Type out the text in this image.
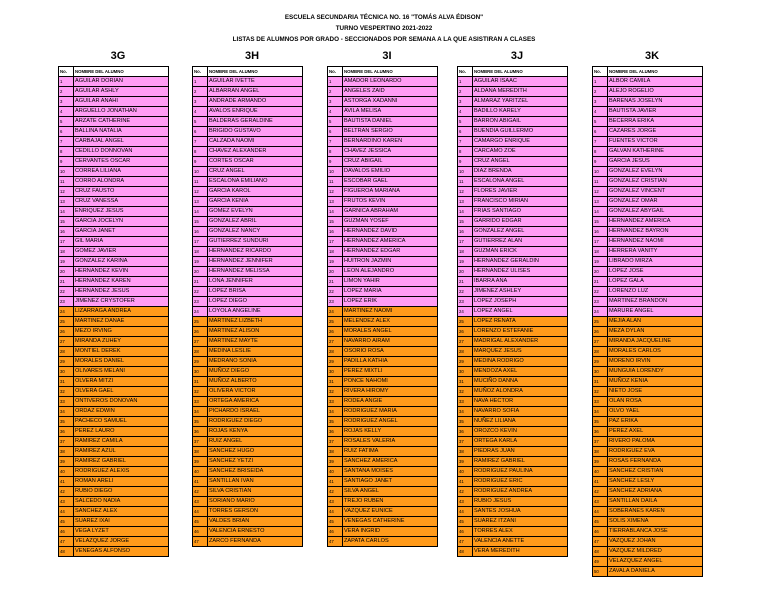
ESCUELA SECUNDARIA TÉCNICA NO. 16 "TOMÁS ALVA ÉDISON"
TURNO VESPERTINO 2021-2022
LISTAS DE ALUMNOS POR GRADO - SECCIONADOS POR SEMANA A LA QUE ASISTIRAN A CLASES
3G
No.	NOMBRE DEL ALUMNO
1	AGUILAR DORIAN
2	AGUILAR ASHLY
3	AGUILAR ANAHI
4	ARGUELLO JONATHAN
5	ARZATE CATHERINE
6	BALLINA NATALIA
7	CARBAJAL ANGEL
8	CEDILLO DONNOVAN
9	CERVANTES OSCAR
10	CORREA LILIANA
11	CORRO ALONDRA
12	CRUZ FAUSTO
13	CRUZ VANESSA
14	ENRIQUEZ JESUS
15	GARCIA JOCELYN
16	GARCIA JANET
17	GIL MARIA
18	GOMEZ JAVIER
19	GONZALEZ KARINA
20	HERNANDEZ KEVIN
21	HERNANDEZ KAREN
22	HERNANDEZ JESUS
23	JIMENEZ CRYSTOFER
24	LIZARRAGA ANDREA
25	MARTINEZ DANAE
26	MEZO IRVING
27	MIRANDA ZUHEY
28	MONTIEL DEREK
29	MORALES DANIEL
30	OLIVARES MELANI
31	OLVERA MITZI
32	OLVERA GAEL
33	ONTIVEROS DONOVAN
34	ORDAZ EDWIN
35	PACHECO SAMUEL
36	PEREZ LAURO
37	RAMIREZ CAMILA
38	RAMIREZ AZUL
39	RAMIREZ GABRIEL
40	RODRIGUEZ ALEXIS
41	ROMAN ARELI
42	RUBIO DIEGO
43	SALCEDO NADIA
44	SANCHEZ ALEX
45	SUAREZ IXAI
46	VEGA LYZET
47	VELAZQUEZ JORGE
48	VENEGAS ALFONSO
3H
No.	NOMBRE DEL ALUMNO
1	AGUILAR IVETTE
2	ALBARRAN ANGEL
3	ANDRADE ARMANDO
4	AVALOS ENRIQUE
5	BALDERAS GERALDINE
6	BRIGIDO GUSTAVO
7	CALZADA NAOMI
8	CHAVEZ ALEXANDER
9	CORTES OSCAR
10	CRUZ ANGEL
11	ESCALONA EMILIANO
12	GARCIA KAROL
13	GARCIA KENIA
14	GOMEZ EVELYN
15	GONZALEZ ABRIL
16	GONZALEZ NANCY
17	GUTIERREZ SUNDURI
18	HERNANDEZ RICARDO
19	HERNANDEZ JENNIFER
20	HERNANDEZ MELISSA
21	LONA JENNIFER
22	LOPEZ BRISA
23	LOPEZ DIEGO
24	LOYOLA ANGELINE
25	MARTINEZ LIZBETH
26	MARTINEZ ALISON
27	MARTINEZ MAYTE
28	MEDINA LESLIE
29	MEDRANO SONIA
30	MUÑOZ DIEGO
31	MUÑOZ ALBERTO
32	OLIVERA VICTOR
33	ORTEGA AMERICA
34	PICHARDO ISRAEL
35	RODRIGUEZ DIEGO
36	ROJAS KENYA
37	RUIZ ANGEL
38	SANCHEZ HUGO
39	SANCHEZ YETZI
40	SANCHEZ BRISEIDA
41	SANTILLAN IVAN
42	SILVA CRISTIAN
43	SORIANO MARIO
44	TORRES GERSON
45	VALDES BRIAN
46	VALENCIA ERNESTO
47	ZARCO FERNANDA
3I
No.	NOMBRE DEL ALUMNO
1	AMADOR LEONARDO
2	ANGELES ZAID
3	ASTORGA XADANNI
4	AVILA MELISA
5	BAUTISTA DANIEL
6	BELTRAN SERGIO
7	BERNARDINO KAREN
8	CHAVEZ JESSICA
9	CRUZ ABIGAIL
10	DAVALOS EMILIO
11	ESCOBAR GAEL
12	FIGUEROA MARIANA
13	FRUTOS KEVIN
14	GARNICA ABRAHAM
15	GUZMAN YOSEF
16	HERNANDEZ DAVID
17	HERNANDEZ AMERICA
18	HERNANDEZ EDGAR
19	HUITRON JAZMIN
20	LEON ALEJANDRO
21	LIMON YAHIR
22	LOPEZ MARIA
23	LOPEZ ERIK
24	MARTINEZ NAOMI
25	MELENDEZ ALEX
26	MORALES ANGEL
27	NAVARRO AIRAM
28	OSORIO ROSA
29	PADILLA KATHIA
30	PEREZ MIXTLI
31	PONCE NAHOMI
32	RIVERA HIROMY
33	RODEA ANGIE
34	RODRIGUEZ MARIA
35	RODRIGUEZ ANGEL
36	ROJAS KELLY
37	ROSALES VALERIA
38	RUIZ FATIMA
39	SANCHEZ AMERICA
40	SANTANA MOISES
41	SANTIAGO JANET
42	SILVA ANGEL
43	TREJO RUBEN
44	VAZQUEZ EUNICE
45	VENEGAS CATHERINE
46	VERA INGRID
47	ZAPATA CARLOS
3J
No.	NOMBRE DEL ALUMNO
1	AGUILAR ISAAC
2	ALDANA MEREDITH
3	ALMARAZ YARITZEL
4	BADILLO KARELY
5	BARRON ABIGAIL
6	BUENDIA GUILLERMO
7	CAMARGO ENRIQUE
8	CARCAMO ZOE
9	CRUZ ANGEL
10	DIAZ BRENDA
11	ESCALONA ANGEL
12	FLORES JAVIER
13	FRANCISCO MIRIAN
14	FRIAS SANTIAGO
15	GARRIDO EDGAR
16	GONZALEZ ANGEL
17	GUTIERREZ ALAN
18	GUZMAN ERICK
19	HERNANDEZ GERALDIN
20	HERNANDEZ ULISES
21	IBARRA ANA
22	JIMENEZ ASHLEY
23	LOPEZ JOSEPH
24	LOPEZ ANGEL
25	LOPEZ RENATA
26	LORENZO ESTEFANIE
27	MADRIGAL ALEXANDER
28	MARQUEZ JESUS
29	MEDINA RODRIGO
30	MENDOZA AXEL
31	MUCIÑO DANNA
32	MUÑOZ ALONDRA
33	NAVA HECTOR
34	NAVARRO SOFIA
35	NUÑEZ LILIANA
36	OROZCO KEVIN
37	ORTEGA KARLA
38	PIEDRAS JUAN
39	RAMIREZ GABRIEL
40	RODRIGUEZ PAULINA
41	RODRIGUEZ ERIC
42	RODRIGUEZ ANDREA
43	RUBIO JESUS
44	SANTES JOSHUA
45	SUAREZ ITZANI
46	TORRES ALEX
47	VALENCIA ANETTE
48	VERA MEREDITH
3K
No.	NOMBRE DEL ALUMNO
1	ALBOR CAMILA
2	ALEJO ROGELIO
3	BARENAS JOSELYN
4	BAUTISTA JAVIER
5	BECERRA ERIKA
6	CAZARES JORGE
7	FUENTES VICTOR
8	GALVAN KATHERINE
9	GARCIA JESUS
10	GONZALEZ EVELYN
11	GONZALEZ CRISTIAN
12	GONZALEZ VINCENT
13	GONZALEZ OMAR
14	GONZALEZ ABYGAIL
15	HERNANDEZ AMERICA
16	HERNANDEZ BAYRON
17	HERNANDEZ NAOMI
18	HERRERA VANITY
19	LIBRADO MIRZA
20	LOPEZ JOSE
21	LOPEZ GALA
22	LORENZO LUZ
23	MARTINEZ BRANDON
24	MARURE ANGEL
25	MEJIA ALAN
26	MEZA DYLAN
27	MIRANDA JACQUELINE
28	MORALES CARLOS
29	MORENO IRVIN
30	MUNGUIA LORENDY
31	MUÑOZ KENIA
32	NIETO JOSE
33	OLAN ROSA
34	OLVO YAEL
35	PAZ ERIKA
36	PEREZ AXEL
37	RIVERO PALOMA
38	RODRIGUEZ EVA
39	ROSAS FERNANDA
40	SANCHEZ CRISTIAN
41	SANCHEZ LESLY
42	SANCHEZ ADRIANA
43	SANTILLAN DAILA
44	SOBERANES KAREN
45	SOLIS XIMENA
46	TIERRABLANCA JOSE
47	VAZQUEZ JOHAN
48	VAZQUEZ MILDRED
49	VELAZQUEZ ANGEL
50	ZAVALA DANIELA
